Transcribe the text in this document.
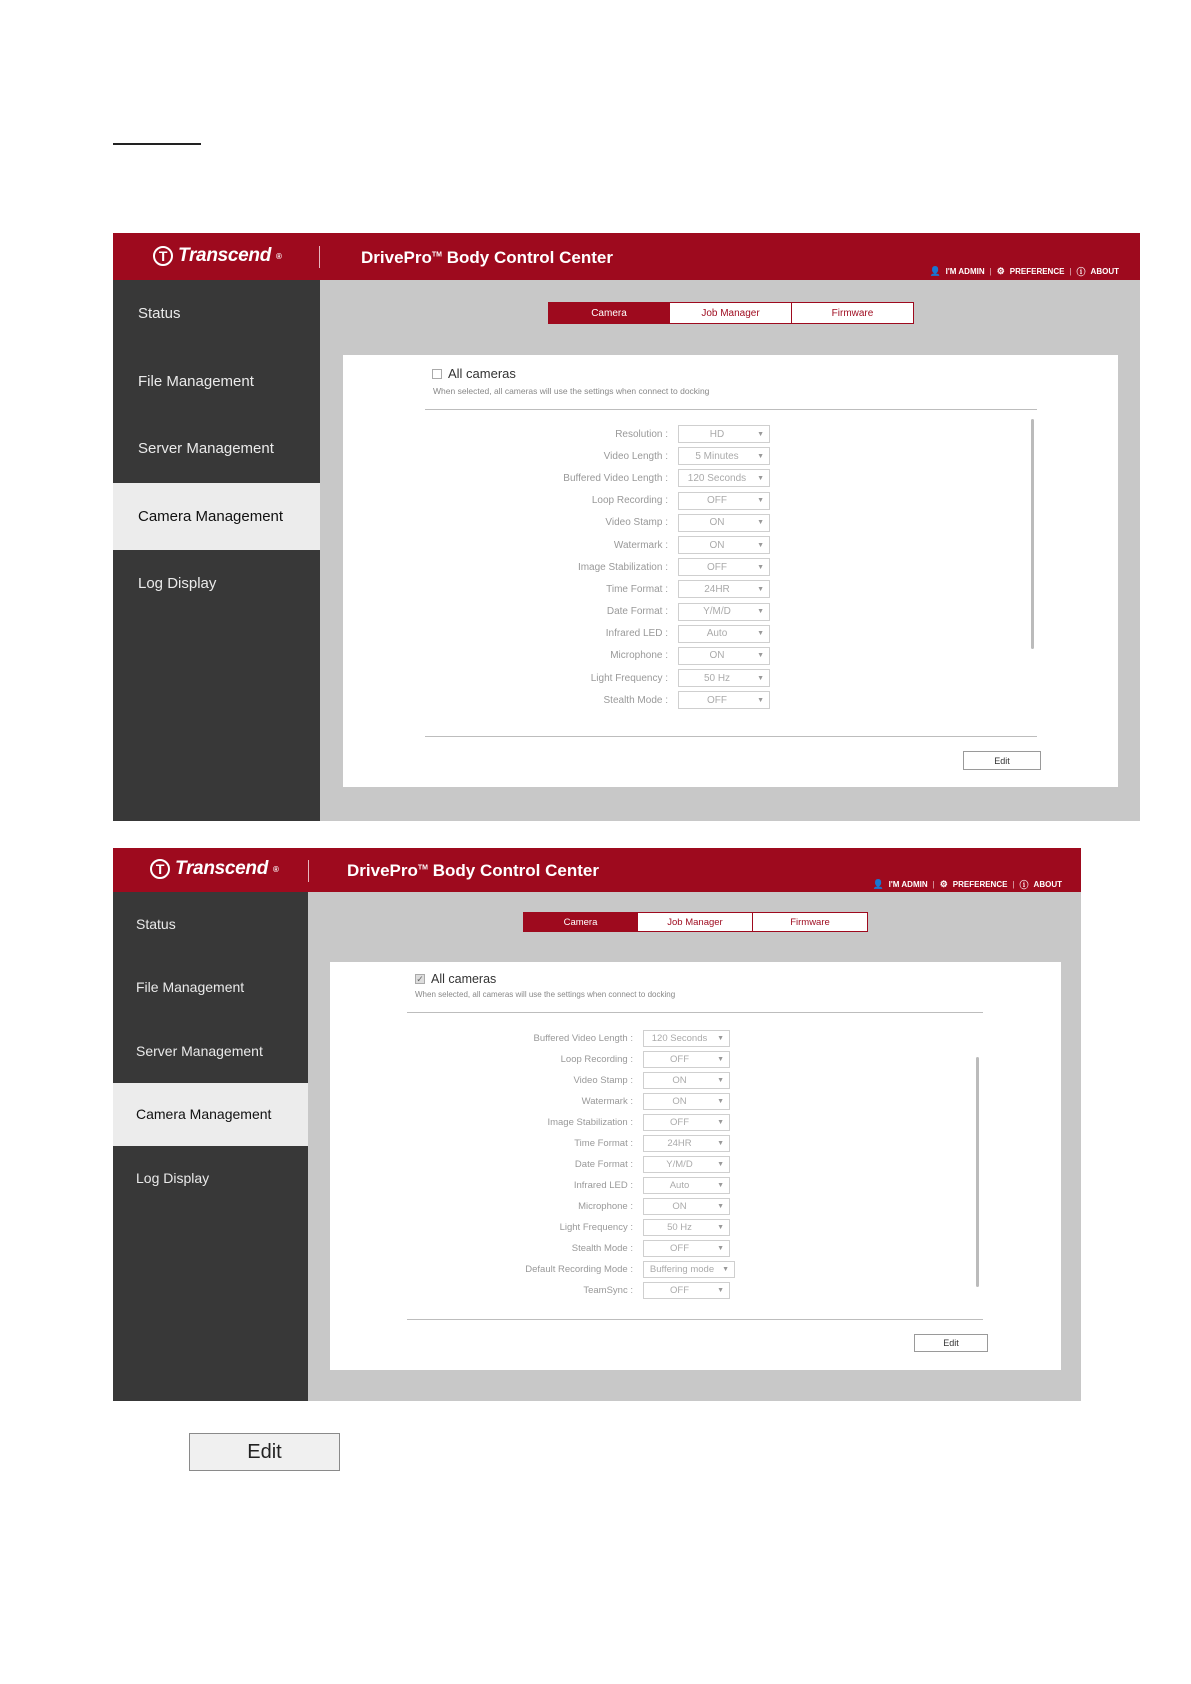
T Transcend ®	DrivePro™ Body Control Center
👤 I'M ADMIN | ⚙ PREFERENCE | ⓘ ABOUT
Status
File Management
Server Management
Camera Management
Log Display
Camera	Job Manager	Firmware
All cameras
When selected, all cameras will use the settings when connect to docking
Resolution :	HD	▼
Video Length :	5 Minutes	▼
Buffered Video Length :	120 Seconds	▼
Loop Recording :	OFF	▼
Video Stamp :	ON	▼
Watermark :	ON	▼
Image Stabilization :	OFF	▼
Time Format :	24HR	▼
Date Format :	Y/M/D	▼
Infrared LED :	Auto	▼
Microphone :	ON	▼
Light Frequency :	50 Hz	▼
Stealth Mode :	OFF	▼
Edit
T Transcend ®	DrivePro™ Body Control Center
👤 I'M ADMIN | ⚙ PREFERENCE | ⓘ ABOUT
Status
File Management
Server Management
Camera Management
Log Display
Camera	Job Manager	Firmware
✓ All cameras
When selected, all cameras will use the settings when connect to docking
Buffered Video Length :	120 Seconds	▼
Loop Recording :	OFF	▼
Video Stamp :	ON	▼
Watermark :	ON	▼
Image Stabilization :	OFF	▼
Time Format :	24HR	▼
Date Format :	Y/M/D	▼
Infrared LED :	Auto	▼
Microphone :	ON	▼
Light Frequency :	50 Hz	▼
Stealth Mode :	OFF	▼
Default Recording Mode :	Buffering mode	▼
TeamSync :	OFF	▼
Edit
Edit
